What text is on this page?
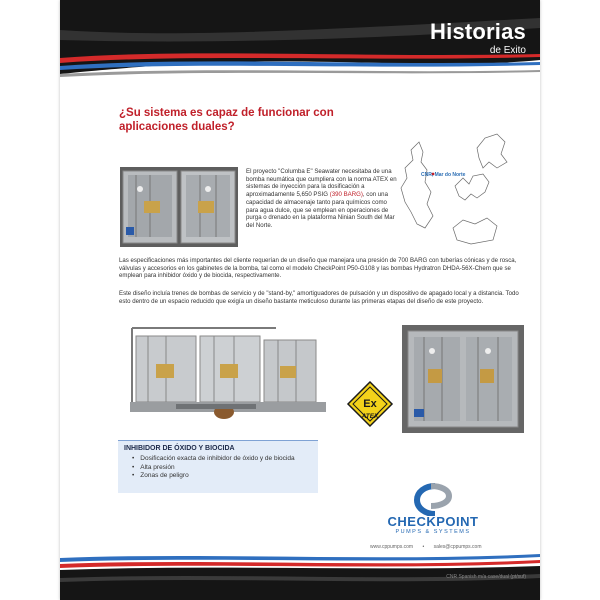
Historias
de Exito
¿Su sistema es capaz de funcionar con aplicaciones duales?
CNR, Mar do Norte
El proyecto "Columba E" Seawater necesitaba de una bomba neumática que cumpliera con la norma ATEX en sistemas de inyección para la dosificación a aproximadamente 5,650 PSIG (390 BARG), con una capacidad de almacenaje tanto para químicos como para agua dulce, que se emplean en operaciones de purga o drenado en la plataforma Ninian South del Mar del Norte.
Las especificaciones más importantes del cliente requerían de un diseño que manejara una presión de 700 BARG con tuberías cónicas y de rosca, válvulas y accesorios en los gabinetes de la bomba, tal como el modelo CheckPoint P50-G108 y las bombas Hydratron DHDA-56X-Chem que se emplean para inhibidor óxido y de biocida, respectivamente.
Este diseño incluía trenes de bombas de servicio y de "stand-by," amortiguadores de pulsación y un dispositivo de apagado local y a distancia. Todo esto dentro de un espacio reducido que exigía un diseño bastante meticuloso durante las primeras etapas del diseño de este proyecto.
Ex
ATEX
INHIBIDOR DE ÓXIDO Y BIOCIDA
• Dosificación exacta de inhibidor de óxido y de biocida
• Alta presión
• Zonas de peligro
CHECKPOINT
PUMPS & SYSTEMS
www.cppumps.com • sales@cppumps.com
CNR Spanish m/a case/dual (pt/suf)
